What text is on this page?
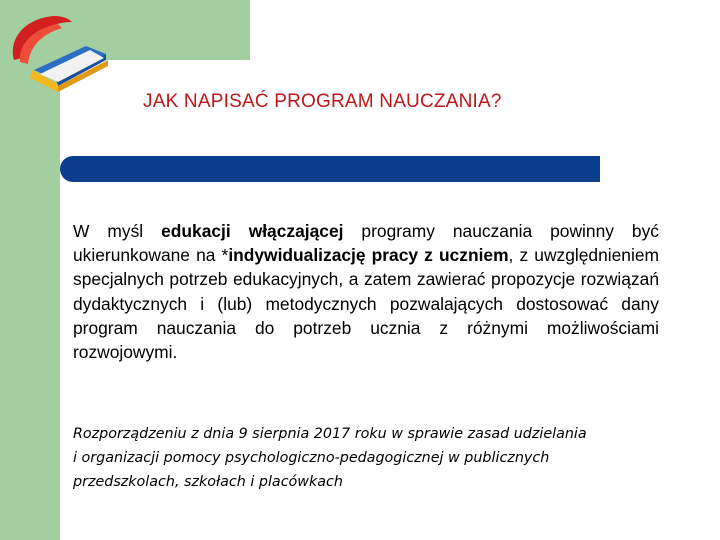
JAK NAPISAĆ PROGRAM NAUCZANIA?
W myśl edukacji włączającej programy nauczania powinny być ukierunkowane na *indywidualizację pracy z uczniem, z uwzględnieniem specjalnych potrzeb edukacyjnych, a zatem zawierać propozycje rozwiązań dydaktycznych i (lub) metodycznych pozwalających dostosować dany program nauczania do potrzeb ucznia z różnymi możliwościami rozwojowymi.
Rozporządzeniu z dnia 9 sierpnia 2017 roku w sprawie zasad udzielania
i organizacji pomocy psychologiczno-pedagogicznej w publicznych
przedszkolach, szkołach i placówkach
